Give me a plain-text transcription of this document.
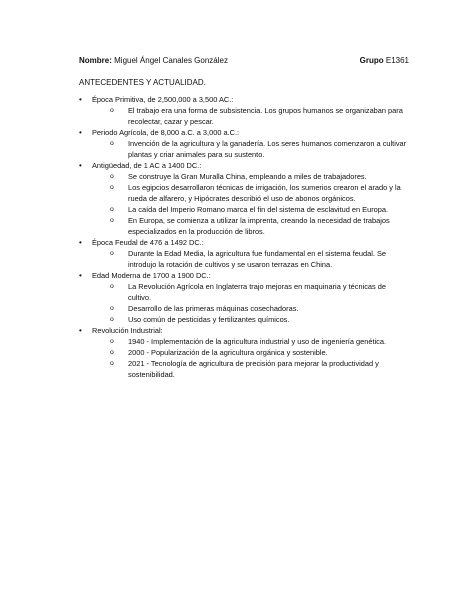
Nombre: Miguel Ángel Canales González	Grupo E1361
ANTECEDENTES Y ACTUALIDAD.
• Época Primitiva, de 2,500,000 a 3,500 AC.:
o El trabajo era una forma de subsistencia. Los grupos humanos se organizaban para recolectar, cazar y pescar.
• Periodo Agrícola, de 8,000 a.C. a 3,000 a.C.:
o Invención de la agricultura y la ganadería. Los seres humanos comenzaron a cultivar plantas y criar animales para su sustento.
• Antigüedad, de 1 AC a 1400 DC.:
o Se construye la Gran Muralla China, empleando a miles de trabajadores.
o Los egipcios desarrollaron técnicas de irrigación, los sumerios crearon el arado y la rueda de alfarero, y Hipócrates describió el uso de abonos orgánicos.
o La caída del Imperio Romano marca el fin del sistema de esclavitud en Europa.
o En Europa, se comienza a utilizar la imprenta, creando la necesidad de trabajos especializados en la producción de libros.
• Época Feudal de 476 a 1492 DC.:
o Durante la Edad Media, la agricultura fue fundamental en el sistema feudal. Se introdujo la rotación de cultivos y se usaron terrazas en China.
• Edad Moderna de 1700 a 1900 DC.:
o La Revolución Agrícola en Inglaterra trajo mejoras en maquinaria y técnicas de cultivo.
o Desarrollo de las primeras máquinas cosechadoras.
o Uso común de pesticidas y fertilizantes químicos.
• Revolución Industrial:
o 1940 - Implementación de la agricultura industrial y uso de ingeniería genética.
o 2000 - Popularización de la agricultura orgánica y sostenible.
o 2021 - Tecnología de agricultura de precisión para mejorar la productividad y sostenibilidad.
